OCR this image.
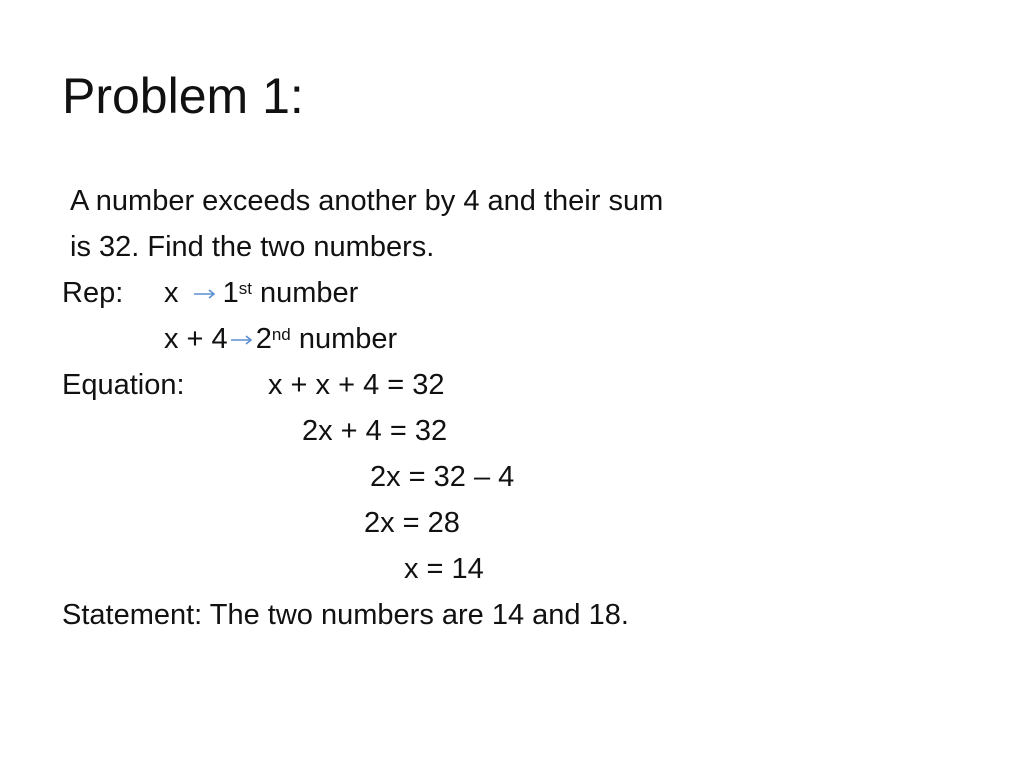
Problem 1:
A number exceeds another by 4 and their sum
is 32. Find the two numbers.
Rep: x 1st number
x + 4 2nd number
Equation:	x + x + 4 = 32
2x + 4 = 32
2x = 32 – 4
2x = 28
x = 14
Statement: The two numbers are 14 and 18.
